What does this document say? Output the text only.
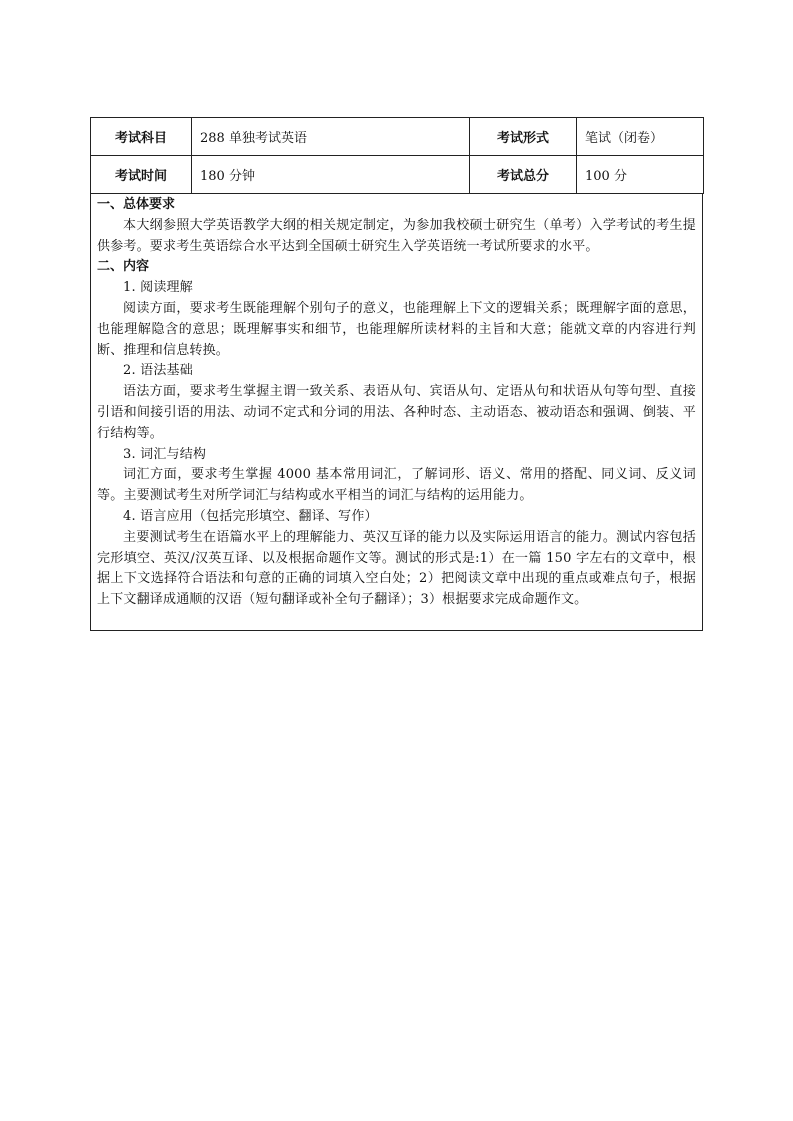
考试科目	288 单独考试英语	考试形式	笔试（闭卷）
考试时间	180 分钟	考试总分	100 分
一、总体要求

本大纲参照大学英语教学大纲的相关规定制定，为参加我校硕士研究生（单考）入学考试的考生提供参考。要求考生英语综合水平达到全国硕士研究生入学英语统一考试所要求的水平。

二、内容

1. 阅读理解

阅读方面，要求考生既能理解个别句子的意义，也能理解上下文的逻辑关系；既理解字面的意思，也能理解隐含的意思；既理解事实和细节，也能理解所读材料的主旨和大意；能就文章的内容进行判断、推理和信息转换。

2. 语法基础

语法方面，要求考生掌握主谓一致关系、表语从句、宾语从句、定语从句和状语从句等句型、直接引语和间接引语的用法、动词不定式和分词的用法、各种时态、主动语态、被动语态和强调、倒装、平行结构等。

3. 词汇与结构

词汇方面，要求考生掌握 4000 基本常用词汇，了解词形、语义、常用的搭配、同义词、反义词等。主要测试考生对所学词汇与结构或水平相当的词汇与结构的运用能力。

4. 语言应用（包括完形填空、翻译、写作）

主要测试考生在语篇水平上的理解能力、英汉互译的能力以及实际运用语言的能力。测试内容包括完形填空、英汉/汉英互译、以及根据命题作文等。测试的形式是:1）在一篇 150 字左右的文章中，根据上下文选择符合语法和句意的正确的词填入空白处；2）把阅读文章中出现的重点或难点句子，根据上下文翻译成通顺的汉语（短句翻译或补全句子翻译）；3）根据要求完成命题作文。
